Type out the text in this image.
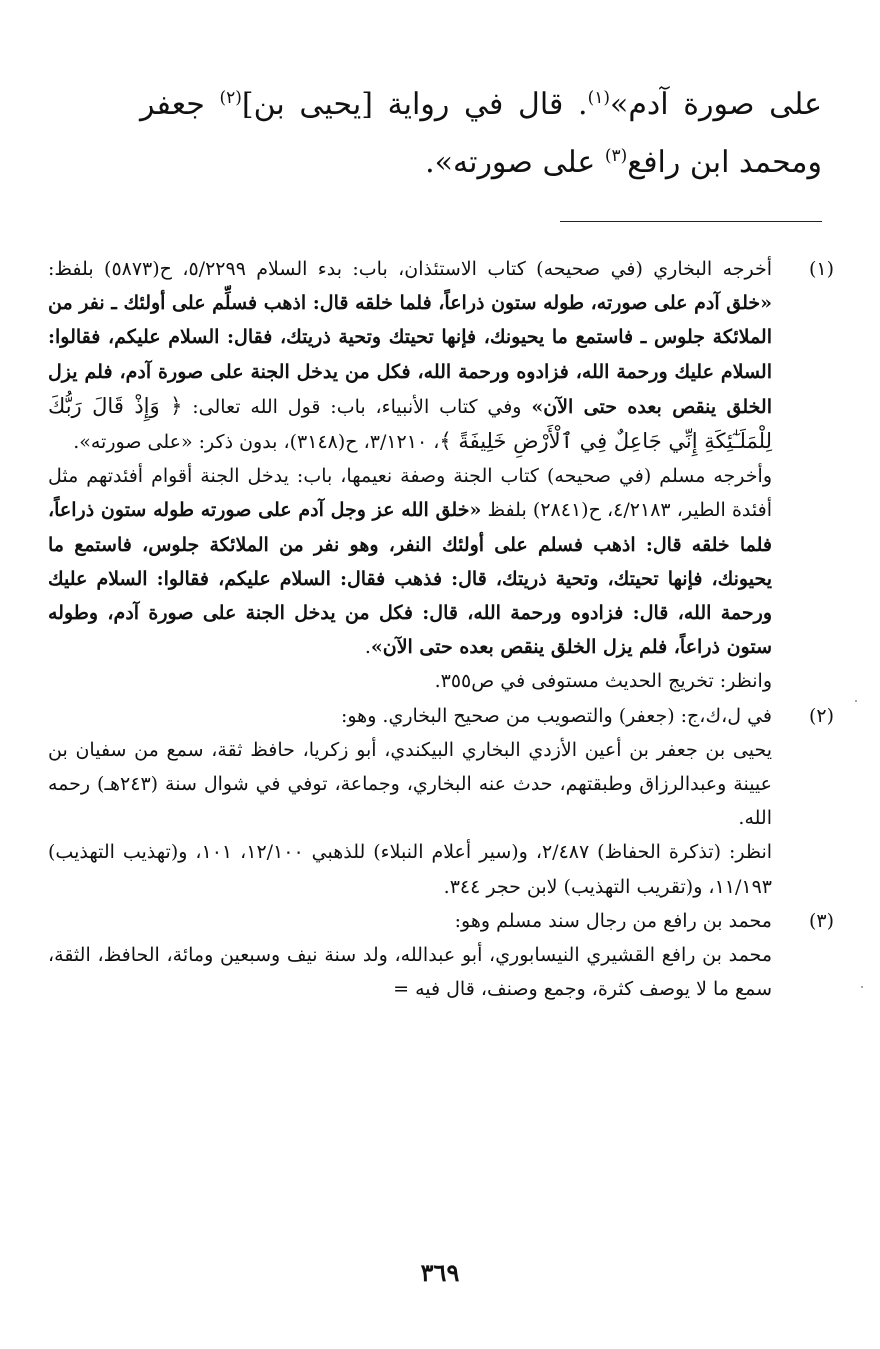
على صورة آدم»$^{(١)}$. قال في رواية [يحيى بن]$^{(٢)}$ جعفر ومحمد ابن رافع$^{(٣)}$ على صورته».
(١)

أخرجه البخاري (في صحيحه) كتاب الاستئذان، باب: بدء السلام ٥/٢٢٩٩، ح(٥٨٧٣) بلفظ: «خلق آدم على صورته، طوله ستون ذراعاً، فلما خلقه قال: اذهب فسلِّم على أولئك ـ نفر من الملائكة جلوس ـ فاستمع ما يحيونك، فإنها تحيتك وتحية ذريتك، فقال: السلام عليكم، فقالوا: السلام عليك ورحمة الله، فزادوه ورحمة الله، فكل من يدخل الجنة على صورة آدم، فلم يزل الخلق ينقص بعده حتى الآن» وفي كتاب الأنبياء، باب: قول الله تعالى: ﴿ وَإِذْ قَالَ رَبُّكَ لِلْمَلَـٰٓئِكَةِ إِنِّي جَاعِلٌ فِي ٱلْأَرْضِ خَلِيفَةً ﴾، ٣/١٢١٠، ح(٣١٤٨)، بدون ذكر: «على صورته».

وأخرجه مسلم (في صحيحه) كتاب الجنة وصفة نعيمها، باب: يدخل الجنة أقوام أفئدتهم مثل أفئدة الطير، ٤/٢١٨٣، ح(٢٨٤١) بلفظ «خلق الله عز وجل آدم على صورته طوله ستون ذراعاً، فلما خلقه قال: اذهب فسلم على أولئك النفر، وهو نفر من الملائكة جلوس، فاستمع ما يحيونك، فإنها تحيتك، وتحية ذريتك، قال: فذهب فقال: السلام عليكم، فقالوا: السلام عليك ورحمة الله، قال: فزادوه ورحمة الله، قال: فكل من يدخل الجنة على صورة آدم، وطوله ستون ذراعاً، فلم يزل الخلق ينقص بعده حتى الآن».

وانظر: تخريج الحديث مستوفى في ص٣٥٥.

(٢)

في ل،ك،ج: (جعفر) والتصويب من صحيح البخاري. وهو:

يحيى بن جعفر بن أعين الأزدي البخاري البيكندي، أبو زكريا، حافظ ثقة، سمع من سفيان بن عيينة وعبدالرزاق وطبقتهم، حدث عنه البخاري، وجماعة، توفي في شوال سنة (٢٤٣هـ) رحمه الله.

انظر: (تذكرة الحفاظ) ٢/٤٨٧، و(سير أعلام النبلاء) للذهبي ١٢/١٠٠، ١٠١، و(تهذيب التهذيب) ١١/١٩٣، و(تقريب التهذيب) لابن حجر ٣٤٤.

(٣)

محمد بن رافع من رجال سند مسلم وهو:

محمد بن رافع القشيري النيسابوري، أبو عبدالله، ولد سنة نيف وسبعين ومائة، الحافظ، الثقة، سمع ما لا يوصف كثرة، وجمع وصنف، قال فيه =

٣٦٩
